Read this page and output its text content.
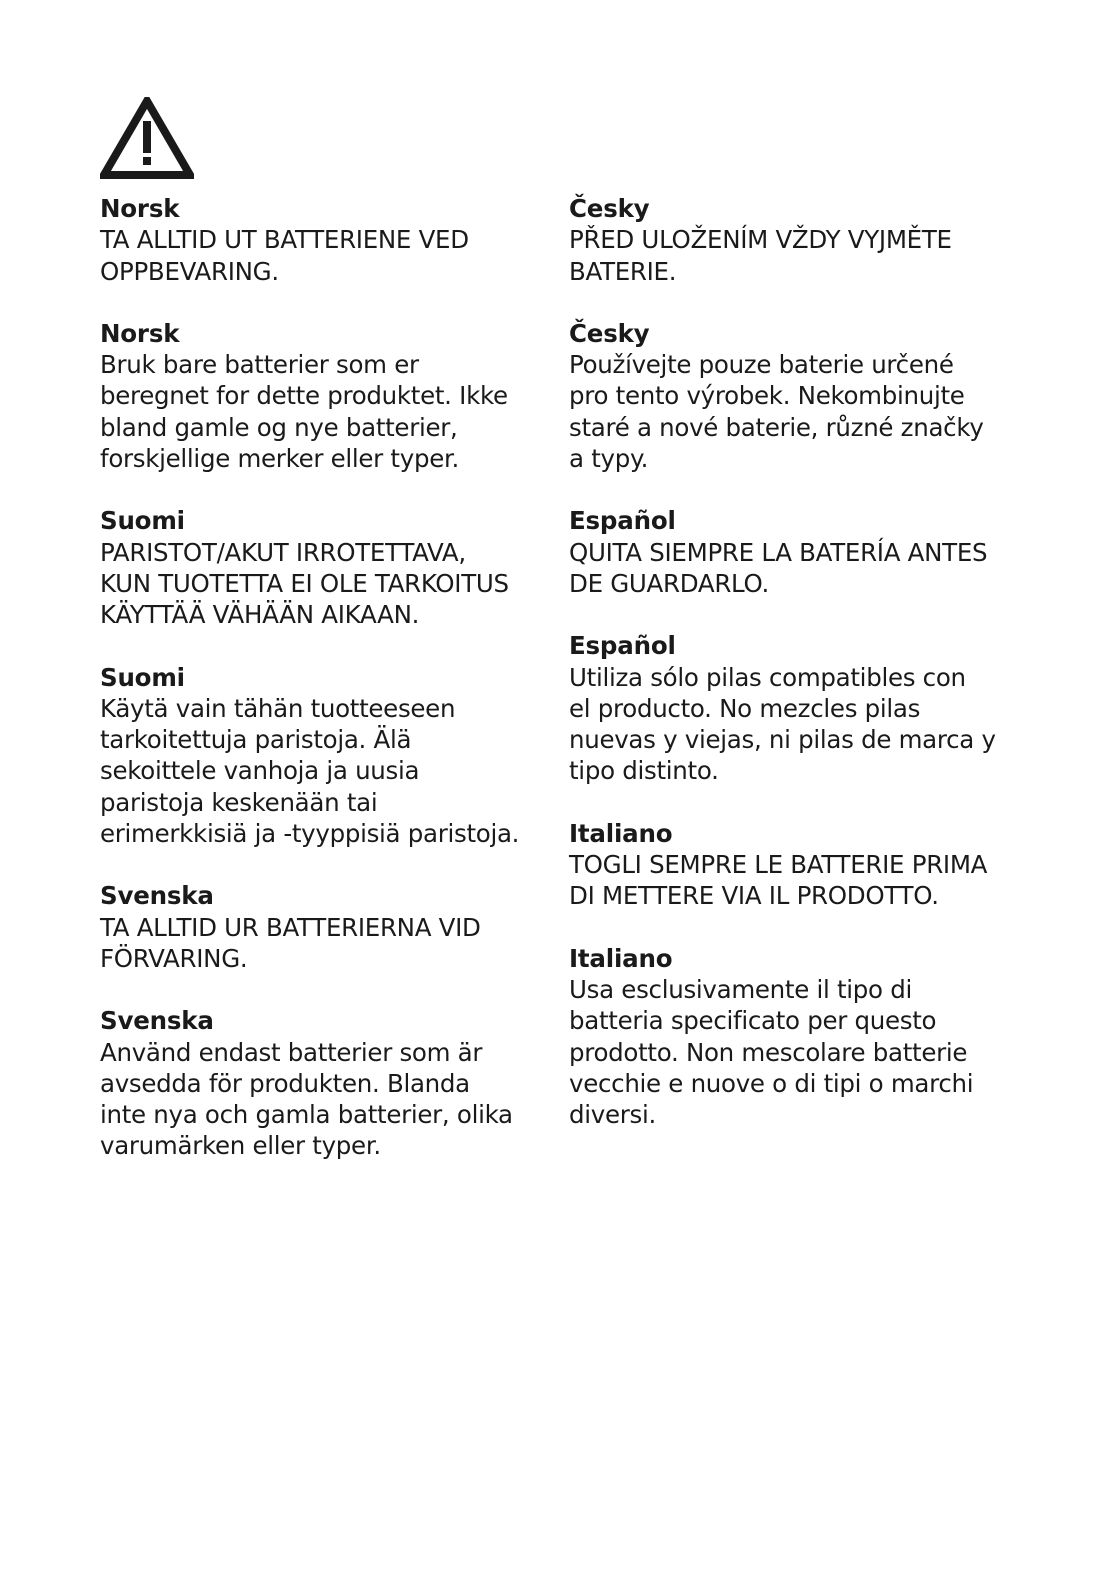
Norsk

TA ALLTID UT BATTERIENE VED
OPPBEVARING.

Norsk

Bruk bare batterier som er
beregnet for dette produktet. Ikke
bland gamle og nye batterier,
forskjellige merker eller typer.

Suomi

PARISTOT/AKUT IRROTETTAVA,
KUN TUOTETTA EI OLE TARKOITUS
KÄYTTÄÄ VÄHÄÄN AIKAAN.

Suomi

Käytä vain tähän tuotteeseen
tarkoitettuja paristoja. Älä
sekoittele vanhoja ja uusia
paristoja keskenään tai
erimerkkisiä ja -tyyppisiä paristoja.

Svenska

TA ALLTID UR BATTERIERNA VID
FÖRVARING.

Svenska

Använd endast batterier som är
avsedda för produkten. Blanda
inte nya och gamla batterier, olika
varumärken eller typer.

Česky

PŘED ULOŽENÍM VŽDY VYJMĚTE
BATERIE.

Česky

Používejte pouze baterie určené
pro tento výrobek. Nekombinujte
staré a nové baterie, různé značky
a typy.

Español

QUITA SIEMPRE LA BATERÍA ANTES
DE GUARDARLO.

Español

Utiliza sólo pilas compatibles con
el producto. No mezcles pilas
nuevas y viejas, ni pilas de marca y
tipo distinto.

Italiano

TOGLI SEMPRE LE BATTERIE PRIMA
DI METTERE VIA IL PRODOTTO.

Italiano

Usa esclusivamente il tipo di
batteria specificato per questo
prodotto. Non mescolare batterie
vecchie e nuove o di tipi o marchi
diversi.
